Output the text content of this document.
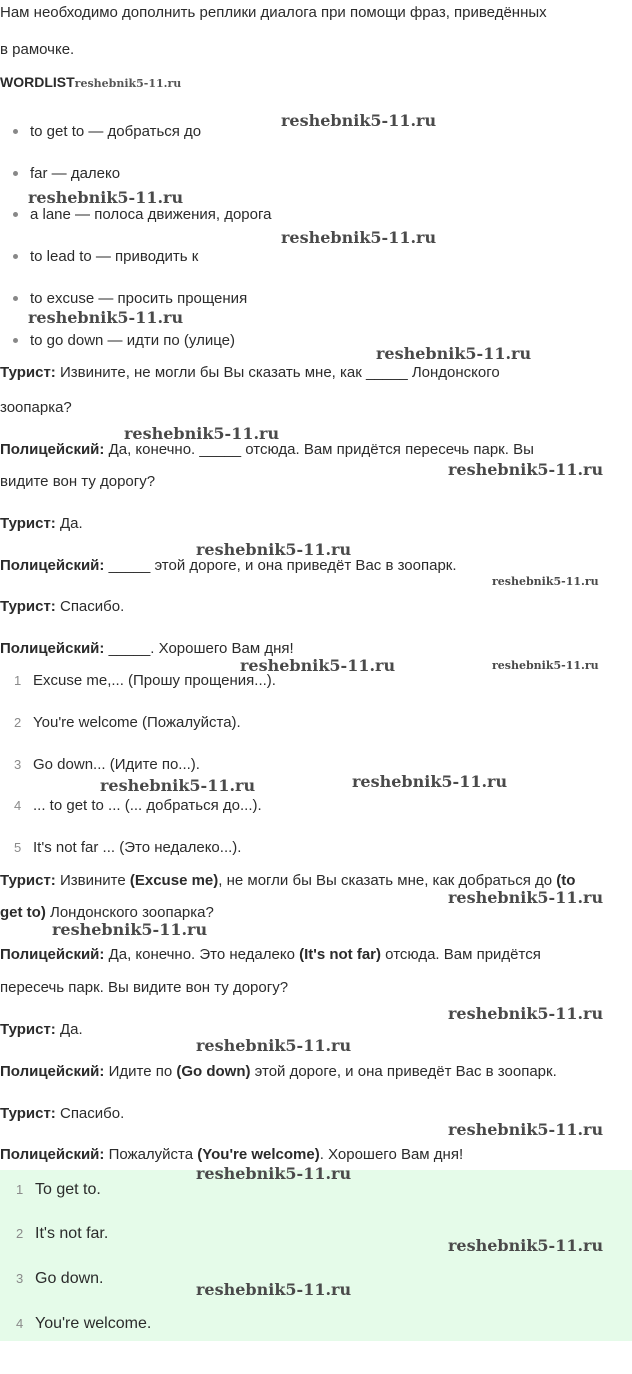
Нам необходимо дополнить реплики диалога при помощи фраз, приведённых
в рамочке.
WORDLISTreshebnik5-11.ru
to get to — добраться до
far — далеко
a lane — полоса движения, дорога
to lead to — приводить к
to excuse — просить прощения
to go down — идти по (улице)
Турист: Извините, не могли бы Вы сказать мне, как _____ Лондонского
зоопарка?
Полицейский: Да, конечно. _____ отсюда. Вам придётся пересечь парк. Вы
видите вон ту дорогу?
Турист: Да.
Полицейский: _____ этой дороге, и она приведёт Вас в зоопарк.
Турист: Спасибо.
Полицейский: _____. Хорошего Вам дня!
1 Excuse me,... (Прошу прощения...).
2 You're welcome (Пожалуйста).
3 Go down... (Идите по...).
4 ... to get to ... (... добраться до...).
5 It's not far ... (Это недалеко...).
Турист: Извините (Excuse me), не могли бы Вы сказать мне, как добраться до (to
get to) Лондонского зоопарка?
Полицейский: Да, конечно. Это недалеко (It's not far) отсюда. Вам придётся
пересечь парк. Вы видите вон ту дорогу?
Турист: Да.
Полицейский: Идите по (Go down) этой дороге, и она приведёт Вас в зоопарк.
Турист: Спасибо.
Полицейский: Пожалуйста (You're welcome). Хорошего Вам дня!
1 To get to.
2 It's not far.
3 Go down.
4 You're welcome.
reshebnik5-11.ru
reshebnik5-11.ru
reshebnik5-11.ru
reshebnik5-11.ru
reshebnik5-11.ru
reshebnik5-11.ru
reshebnik5-11.ru
reshebnik5-11.ru
reshebnik5-11.ru
reshebnik5-11.ru	reshebnik5-11.ru
reshebnik5-11.ru	reshebnik5-11.ru
reshebnik5-11.ru
reshebnik5-11.ru
reshebnik5-11.ru
reshebnik5-11.ru
reshebnik5-11.ru
reshebnik5-11.ru
reshebnik5-11.ru
reshebnik5-11.ru
